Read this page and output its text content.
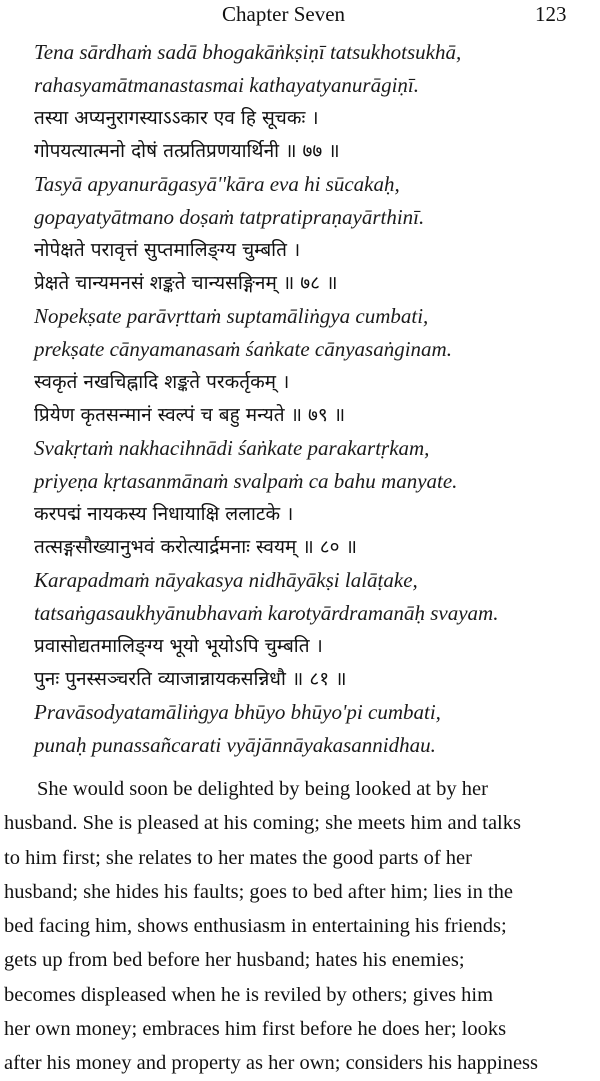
Chapter Seven	123
Tena sārdhaṁ sadā bhogakāṅkṣiṇī tatsukhotsukhā,
rahasyamātmanastasmai kathayatyanurāgiṇī.
तस्या अप्यनुरागस्याऽऽकार एव हि सूचकः ।
गोपयत्यात्मनो दोषं तत्प्रतिप्रणयार्थिनी ॥ ७७ ॥
Tasyā apyanurāgasyā''kāra eva hi sūcakaḥ,
gopayatyātmano doṣaṁ tatpratipraṇayārthinī.
नोपेक्षते परावृत्तं सुप्तमालिङ्ग्य चुम्बति ।
प्रेक्षते चान्यमनसं शङ्कते चान्यसङ्गिनम् ॥ ७८ ॥
Nopekṣate parāvṛttaṁ suptamāliṅgya cumbati,
prekṣate cānyamanasaṁ śaṅkate cānyasaṅginam.
स्वकृतं नखचिह्नादि शङ्कते परकर्तृकम् ।
प्रियेण कृतसन्मानं स्वल्पं च बहु मन्यते ॥ ७९ ॥
Svakṛtaṁ nakhacihnādi śaṅkate parakartṛkam,
priyeṇa kṛtasanmānaṁ svalpaṁ ca bahu manyate.
करपद्मं नायकस्य निधायाक्षि ललाटके ।
तत्सङ्गसौख्यानुभवं करोत्यार्द्रमनाः स्वयम् ॥ ८० ॥
Karapadmaṁ nāyakasya nidhāyākṣi lalāṭake,
tatsaṅgasaukhyānubhavaṁ karotyārdramanāḥ svayam.
प्रवासोद्यतमालिङ्ग्य भूयो भूयोऽपि चुम्बति ।
पुनः पुनस्सञ्चरति व्याजान्नायकसन्निधौ ॥ ८१ ॥
Pravāsodyatamāliṅgya bhūyo bhūyo'pi cumbati,
punaḥ punassañcarati vyājānnāyakasannidhau.
She would soon be delighted by being looked at by her
husband. She is pleased at his coming; she meets him and talks
to him first; she relates to her mates the good parts of her
husband; she hides his faults; goes to bed after him; lies in the
bed facing him, shows enthusiasm in entertaining his friends;
gets up from bed before her husband; hates his enemies;
becomes displeased when he is reviled by others; gives him
her own money; embraces him first before he does her; looks
after his money and property as her own; considers his happiness
